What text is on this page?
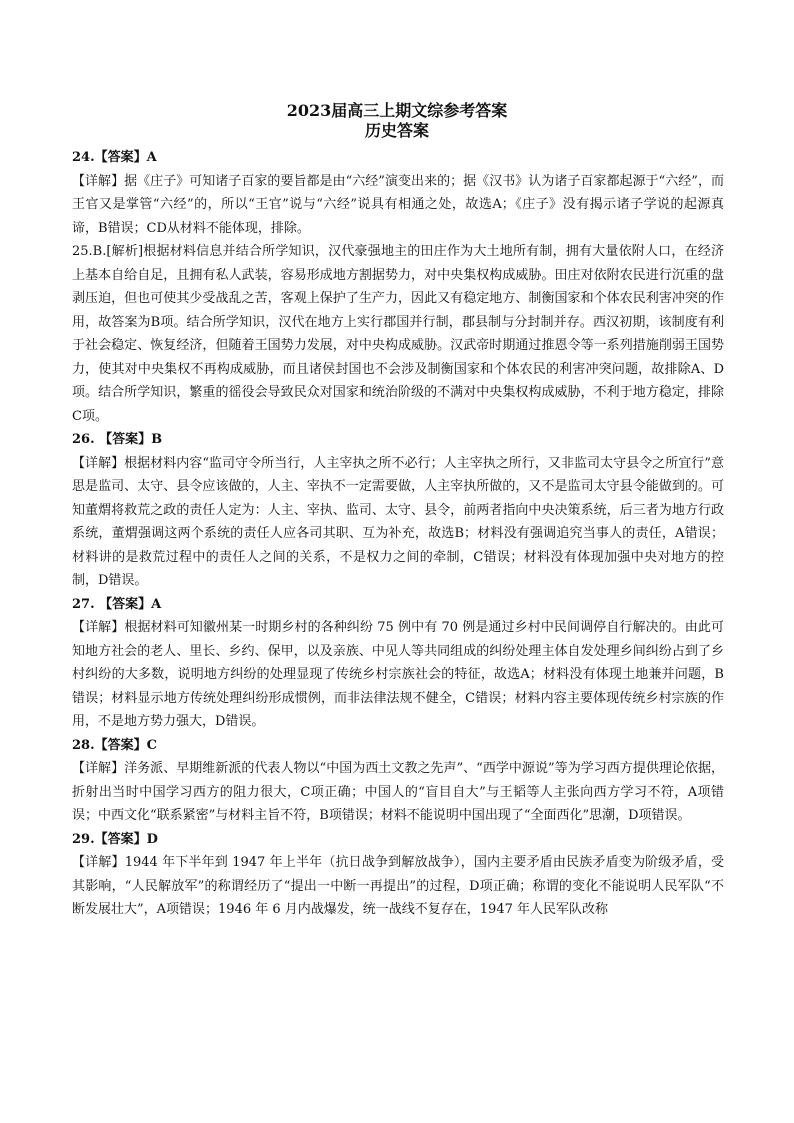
2023届高三上期文综参考答案
历史答案

24.【答案】A

【详解】据《庄子》可知诸子百家的要旨都是由“六经”演变出来的；据《汉书》认为诸子百家都起源于“六经”，而王官又是掌管“六经”的，所以“王官”说与“六经”说具有相通之处，故选A；《庄子》没有揭示诸子学说的起源真谛，B错误；CD从材料不能体现，排除。

25.B.[解析]根据材料信息并结合所学知识，汉代豪强地主的田庄作为大土地所有制，拥有大量依附人口，在经济上基本自给自足，且拥有私人武装，容易形成地方割据势力，对中央集权构成威胁。田庄对依附农民进行沉重的盘剥压迫，但也可使其少受战乱之苦，客观上保护了生产力，因此又有稳定地方、制衡国家和个体农民利害冲突的作用，故答案为B项。结合所学知识，汉代在地方上实行郡国并行制，郡县制与分封制并存。西汉初期，该制度有利于社会稳定、恢复经济，但随着王国势力发展，对中央构成威胁。汉武帝时期通过推恩令等一系列措施削弱王国势力，使其对中央集权不再构成威胁，而且诸侯封国也不会涉及制衡国家和个体农民的利害冲突问题，故排除A、D项。结合所学知识，繁重的徭役会导致民众对国家和统治阶级的不满对中央集权构成威胁，不利于地方稳定，排除C项。

26. 【答案】B

【详解】根据材料内容“监司守令所当行，人主宰执之所不必行；人主宰执之所行，又非监司太守县令之所宜行”意思是监司、太守、县令应该做的，人主、宰执不一定需要做，人主宰执所做的，又不是监司太守县令能做到的。可知董煟将救荒之政的责任人定为：人主、宰执、监司、太守、县令，前两者指向中央决策系统，后三者为地方行政系统，董煟强调这两个系统的责任人应各司其职、互为补充，故选B；材料没有强调追究当事人的责任，A错误；材料讲的是救荒过程中的责任人之间的关系，不是权力之间的牵制，C错误；材料没有体现加强中央对地方的控制，D错误。

27. 【答案】A

【详解】根据材料可知徽州某一时期乡村的各种纠纷 75 例中有 70 例是通过乡村中民间调停自行解决的。由此可知地方社会的老人、里长、乡约、保甲，以及亲族、中见人等共同组成的纠纷处理主体自发处理乡间纠纷占到了乡村纠纷的大多数，说明地方纠纷的处理显现了传统乡村宗族社会的特征，故选A；材料没有体现土地兼并问题，B错误；材料显示地方传统处理纠纷形成惯例，而非法律法规不健全，C错误；材料内容主要体现传统乡村宗族的作用，不是地方势力强大，D错误。

28.【答案】C

【详解】洋务派、早期维新派的代表人物以“中国为西土文教之先声”、“西学中源说”等为学习西方提供理论依据，折射出当时中国学习西方的阻力很大，C项正确；中国人的“盲目自大”与王韬等人主张向西方学习不符，A项错误；中西文化“联系紧密”与材料主旨不符，B项错误；材料不能说明中国出现了“全面西化”思潮，D项错误。

29.【答案】D

【详解】1944 年下半年到 1947 年上半年（抗日战争到解放战争），国内主要矛盾由民族矛盾变为阶级矛盾，受其影响，“人民解放军”的称谓经历了“提出一中断一再提出”的过程，D项正确；称谓的变化不能说明人民军队“不断发展壮大”，A项错误；1946 年 6 月内战爆发，统一战线不复存在，1947 年人民军队改称
